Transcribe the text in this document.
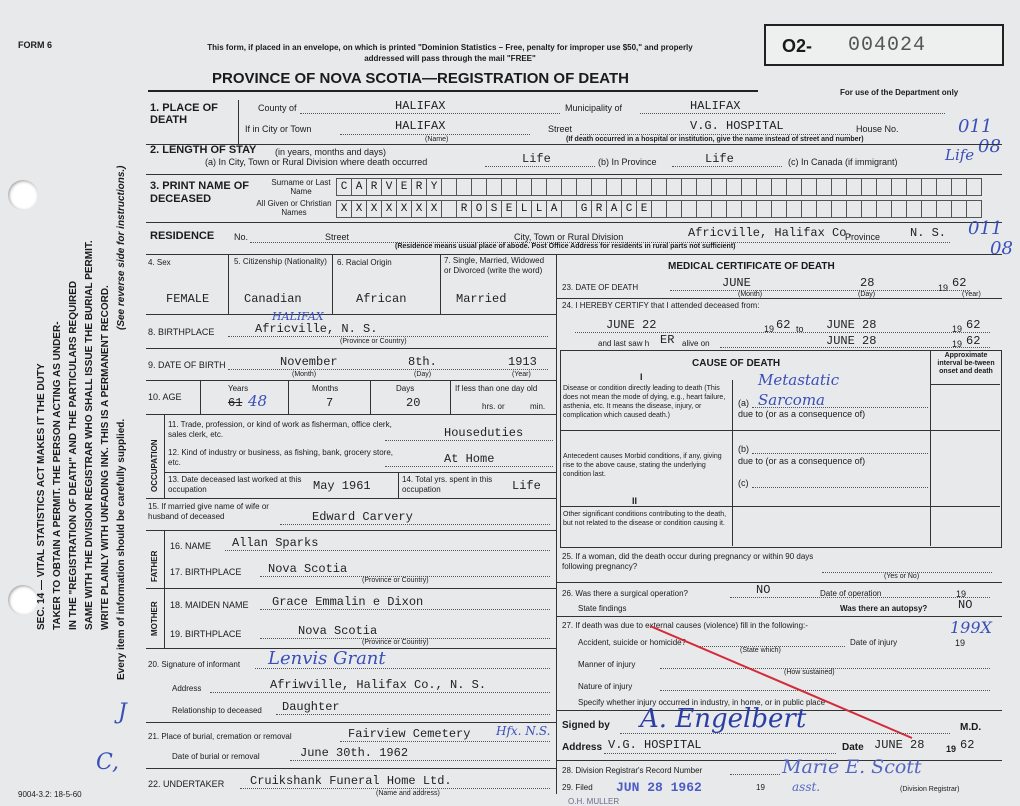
SEC. 14 — VITAL STATISTICS ACT MAKES IT THE DUTY TAKER TO OBTAIN A PERMIT. THE PERSON ACTING AS UNDER- IN THE "REGISTRATION OF DEATH" AND THE PARTICULARS REQUIRED SAME WITH THE DIVISION REGISTRAR WHO SHALL ISSUE THE BURIAL PERMIT. WRITE PLAINLY WITH UNFADING INK. THIS IS A PERMANENT RECORD.
(See reverse side for instructions.)
Every item of information should be carefully supplied.
J
C,
FORM 6	This form, if placed in an envelope, on which is printed "Dominion Statistics – Free, penalty for improper use $50," and properly addressed will pass through the mail "FREE"
PROVINCE OF NOVA SCOTIA—REGISTRATION OF DEATH
O2- 004024
For use of the Department only
011
08
1. PLACE OF DEATH
County of	HALIFAX	Municipality of	HALIFAX
If in City or Town	HALIFAX
(Name)
Street	V.G. HOSPITAL	House No.
(If death occurred in a hospital or institution, give the name instead of street and number)
2. LENGTH OF STAY (in years, months and days)
(a) In City, Town or Rural Division where death occurred	Life	(b) In Province	Life	(c) In Canada (if immigrant)	Life
3. PRINT NAME OF DECEASED
Surname or Last Name
All Given or Christian Names
C A R V E R Y
X X X X X X X	R O S E L L A	G R A C E
RESIDENCE No.	Street	City, Town or Rural Division	Africville, Halifax Co.
Province N. S.
(Residence means usual place of abode. Post Office Address for residents in rural parts not sufficient)
011
08
4. Sex	5. Citizenship (Nationality) 6. Racial Origin	7. Single, Married, Widowed or Divorced (write the word)
FEMALE	Canadian	African	Married
8. BIRTHPLACE
HALIFAX
Africville, N. S.
(Province or Country)
9. DATE OF BIRTH	November	8th.	1913
(Month)	(Day)	(Year)
10. AGE
Years	Months	Days
61 48	7	20
If less than one day old
hrs. or	min.
OCCUPATION
11. Trade, profession, or kind of work as fisherman, office clerk, sales clerk, etc.	Houseduties
12. Kind of industry or business, as fishing, bank, grocery store, etc.	At Home
13. Date deceased last worked at this occupation	May 1961	14. Total yrs. spent in this occupation	Life
15. If married give name of wife or husband of deceased	Edward Carvery
FATHER
16. NAME Allan Sparks
17. BIRTHPLACE Nova Scotia
(Province or Country)
MOTHER 18. MAIDEN NAME Grace Emmalin e Dixon
19. BIRTHPLACE	Nova Scotia
(Province or Country)
20. Signature of informant Lenvis Grant
Address	Afriwville, Halifax Co., N. S.
Relationship to deceased Daughter
21. Place of burial, cremation or removal	Fairview Cemetery Hfx. N.S.
Date of burial or removal	June 30th. 1962
22. UNDERTAKER Cruikshank Funeral Home Ltd.
(Name and address)
9004-3.2: 18-5-60
MEDICAL CERTIFICATE OF DEATH
23. DATE OF DEATH	JUNE	28	19 62
(Month)	(Day)	(Year)
24. I HEREBY CERTIFY that I attended deceased from:
JUNE 22	19 62 to JUNE 28	19 62
and last saw h ER alive on	JUNE 28	19 62
CAUSE OF DEATH
Approximate interval be-tween onset and death
I
Disease or condition directly leading to death (This does not mean the mode of dying, e.g., heart failure, asthenia, etc. It means the disease, injury, or complication which caused death.)
(a)
Metastatic Sarcoma
due to (or as a consequence of)
(b)
due to (or as a consequence of)
Antecedent causes Morbid conditions, if any, giving rise to the above cause, stating the underlying condition last.
(c)
II
Other significant conditions contributing to the death, but not related to the disease or condition causing it.
25. If a woman, did the death occur during pregnancy or within 90 days following pregnancy?
(Yes or No)
26. Was there a surgical operation?	NO	Date of operation	19
State findings	Was there an autopsy?	NO
27. If death was due to external causes (violence) fill in the following:-	199X
Accident, suicide or homicide?	Date of injury	19
(State which)
Manner of injury
(How sustained)
Nature of injury
Specify whether injury occurred in industry, in home, or in public place
Signed by A. Engelbert	M.D.
Address V.G. HOSPITAL	Date JUNE 28 19 62
28. Division Registrar's Record Number	Marie E. Scott
29. Filed JUN 28 1962	19 asst.	(Division Registrar)
O.H. MULLER
